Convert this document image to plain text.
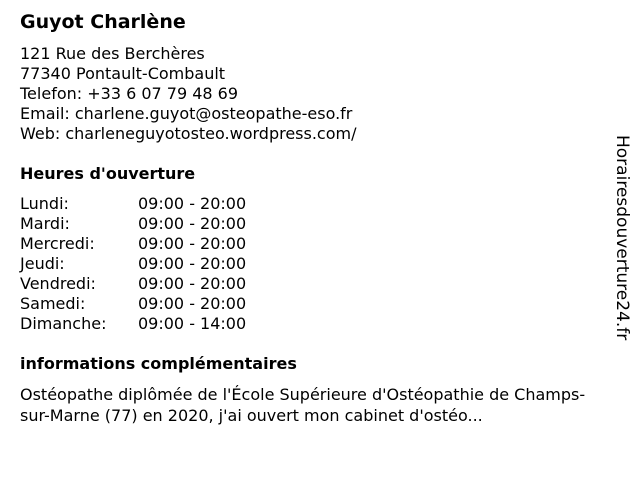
Guyot Charlène
121 Rue des Berchères
77340 Pontault-Combault
Telefon: +33 6 07 79 48 69
Email: charlene.guyot@osteopathe-eso.fr
Web: charleneguyotosteo.wordpress.com/
Heures d'ouverture
Lundi:	09:00 - 20:00
Mardi:	09:00 - 20:00
Mercredi:	09:00 - 20:00
Jeudi:	09:00 - 20:00
Vendredi:	09:00 - 20:00
Samedi:	09:00 - 20:00
Dimanche:	09:00 - 14:00
informations complémentaires
Ostéopathe diplômée de l'École Supérieure d'Ostéopathie de Champs-sur-Marne (77) en 2020, j'ai ouvert mon cabinet d'ostéo...
Horairesdouverture24.fr
